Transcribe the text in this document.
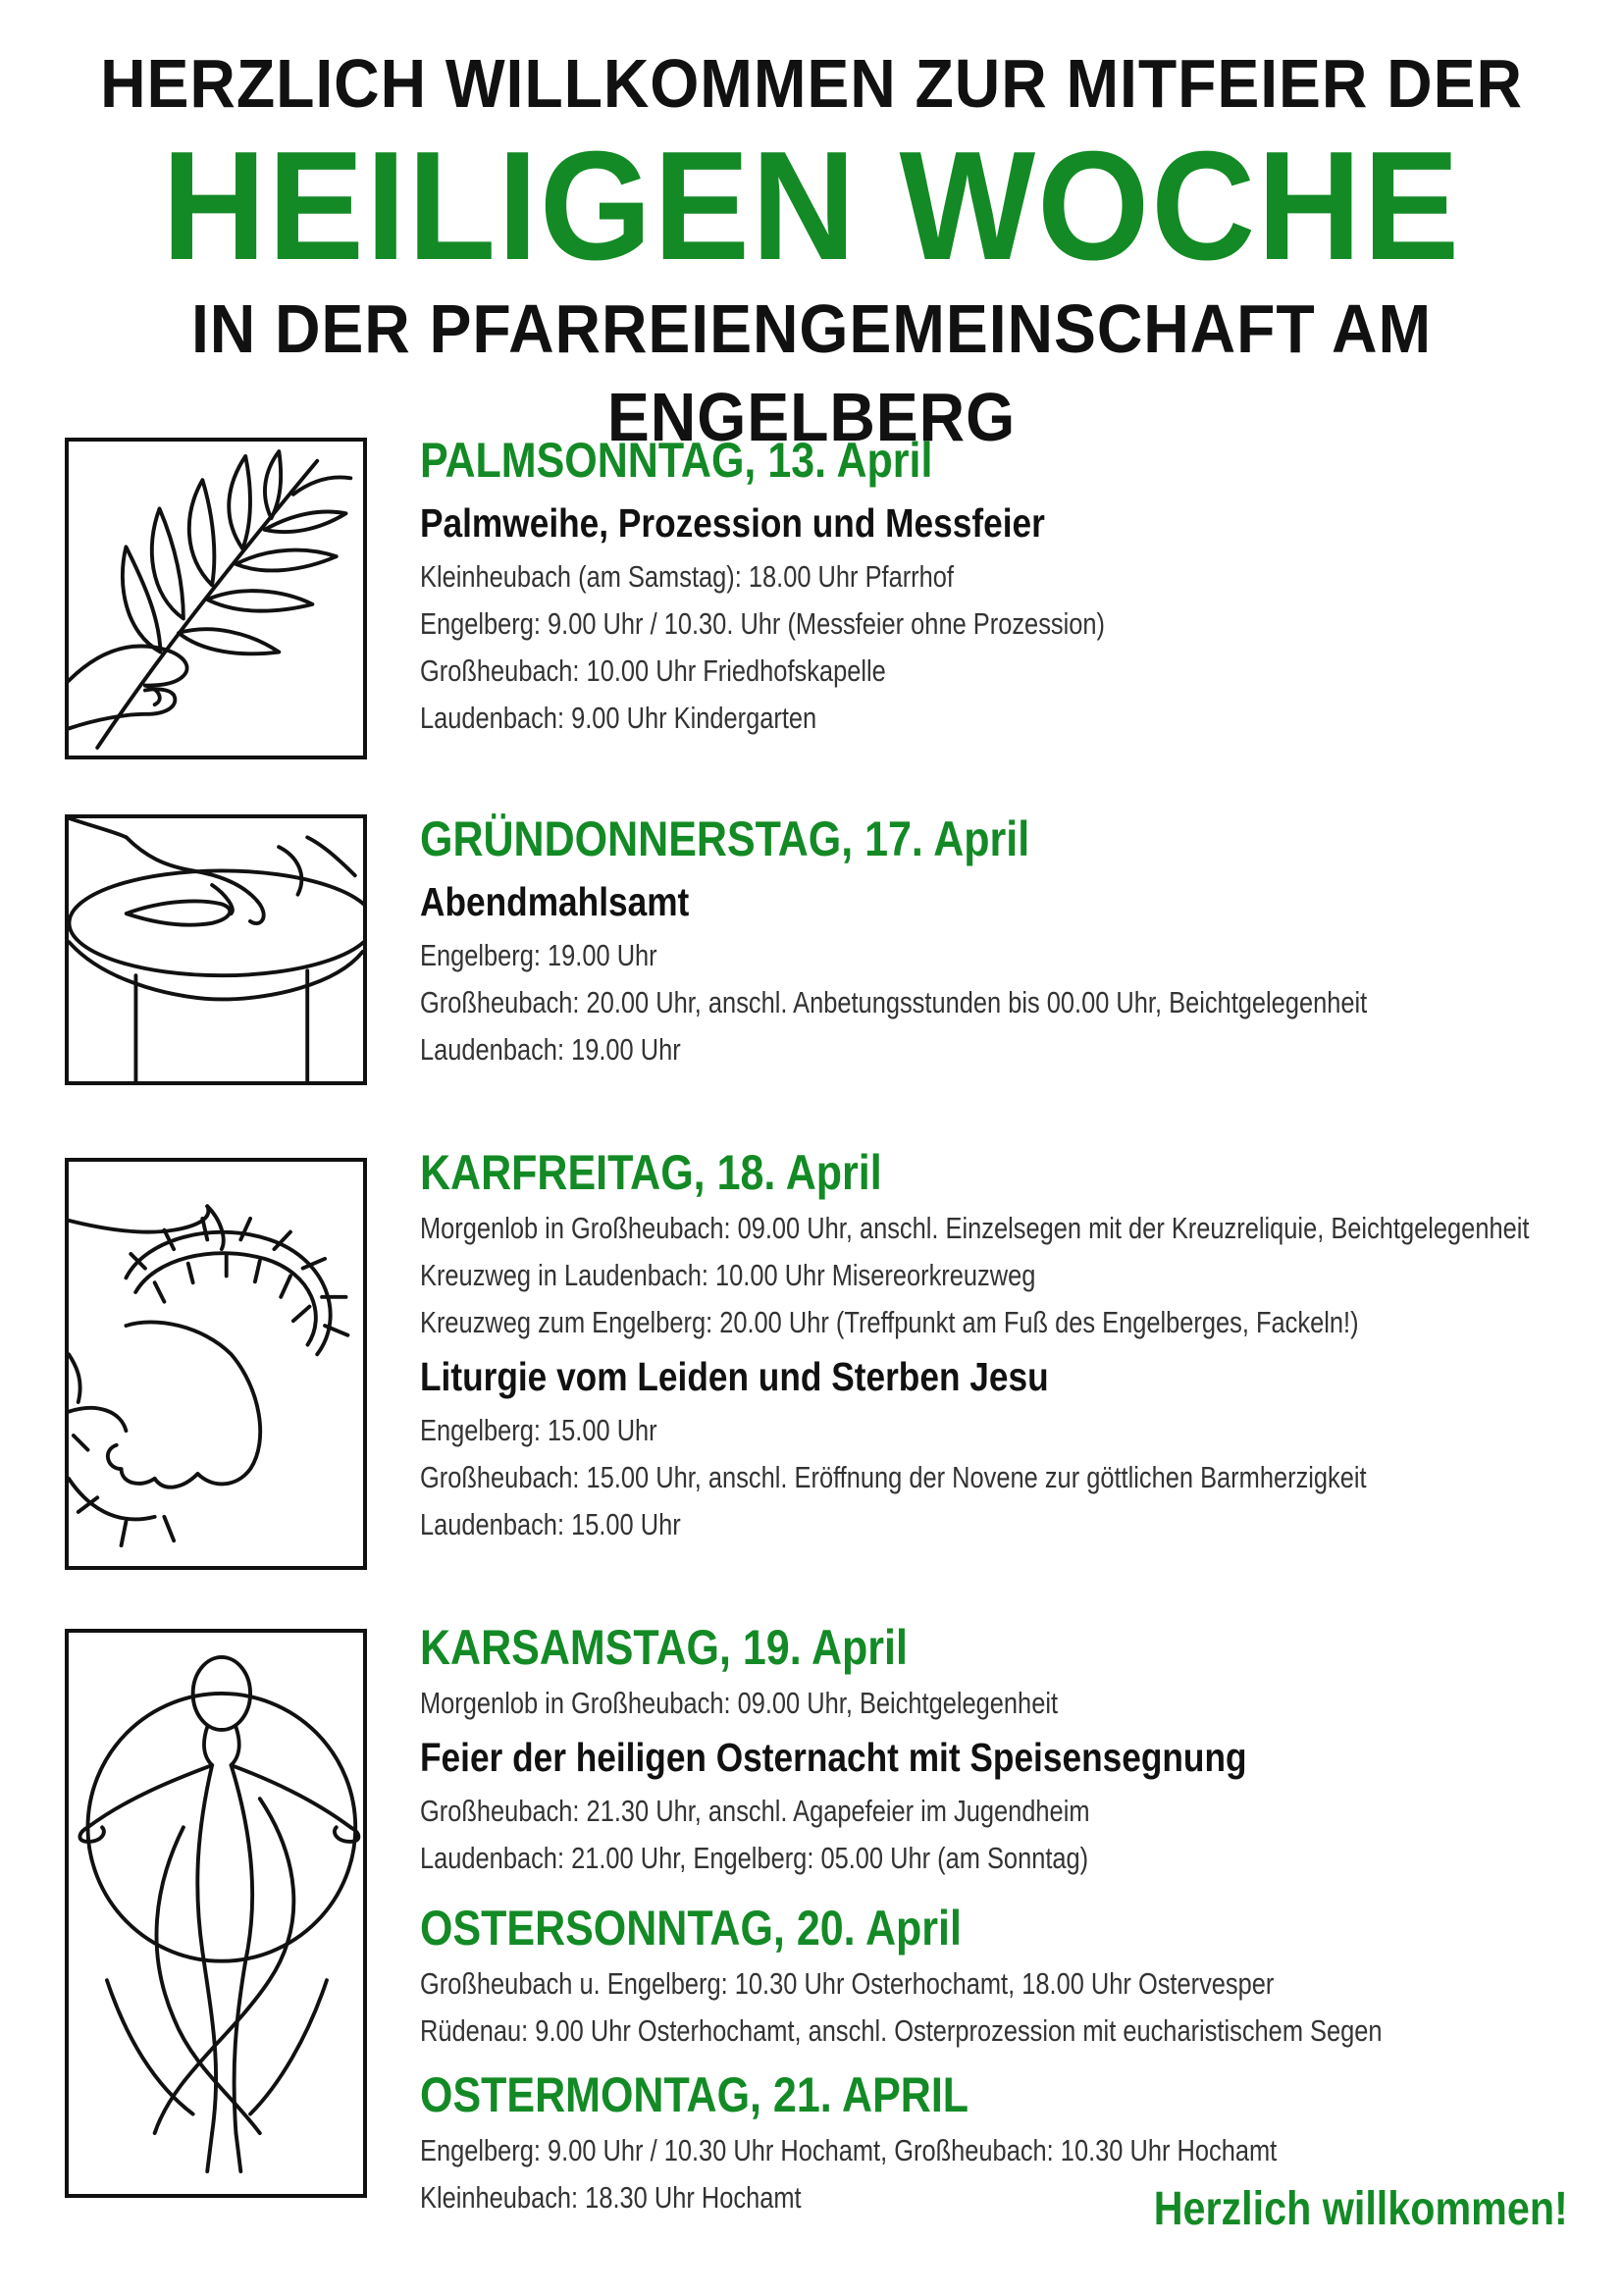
HERZLICH WILLKOMMEN ZUR MITFEIER DER
HEILIGEN WOCHE
IN DER PFARREIENGEMEINSCHAFT AM ENGELBERG
PALMSONNTAG, 13. April
Palmweihe, Prozession und Messfeier
Kleinheubach (am Samstag): 18.00 Uhr Pfarrhof
Engelberg: 9.00 Uhr / 10.30. Uhr (Messfeier ohne Prozession)
Großheubach: 10.00 Uhr Friedhofskapelle
Laudenbach: 9.00 Uhr Kindergarten
GRÜNDONNERSTAG, 17. April
Abendmahlsamt
Engelberg: 19.00 Uhr
Großheubach: 20.00 Uhr, anschl. Anbetungsstunden bis 00.00 Uhr, Beichtgelegenheit
Laudenbach: 19.00 Uhr
KARFREITAG, 18. April
Morgenlob in Großheubach: 09.00 Uhr, anschl. Einzelsegen mit der Kreuzreliquie, Beichtgelegenheit
Kreuzweg in Laudenbach: 10.00 Uhr Misereorkreuzweg
Kreuzweg zum Engelberg: 20.00 Uhr (Treffpunkt am Fuß des Engelberges, Fackeln!)
Liturgie vom Leiden und Sterben Jesu
Engelberg: 15.00 Uhr
Großheubach: 15.00 Uhr, anschl. Eröffnung der Novene zur göttlichen Barmherzigkeit
Laudenbach: 15.00 Uhr
KARSAMSTAG, 19. April
Morgenlob in Großheubach: 09.00 Uhr, Beichtgelegenheit
Feier der heiligen Osternacht mit Speisensegnung
Großheubach: 21.30 Uhr, anschl. Agapefeier im Jugendheim
Laudenbach: 21.00 Uhr, Engelberg: 05.00 Uhr (am Sonntag)
OSTERSONNTAG, 20. April
Großheubach u. Engelberg: 10.30 Uhr Osterhochamt, 18.00 Uhr Ostervesper
Rüdenau: 9.00 Uhr Osterhochamt, anschl. Osterprozession mit eucharistischem Segen
OSTERMONTAG, 21. APRIL
Engelberg: 9.00 Uhr / 10.30 Uhr Hochamt, Großheubach: 10.30 Uhr Hochamt
Kleinheubach: 18.30 Uhr Hochamt	Herzlich willkommen!
